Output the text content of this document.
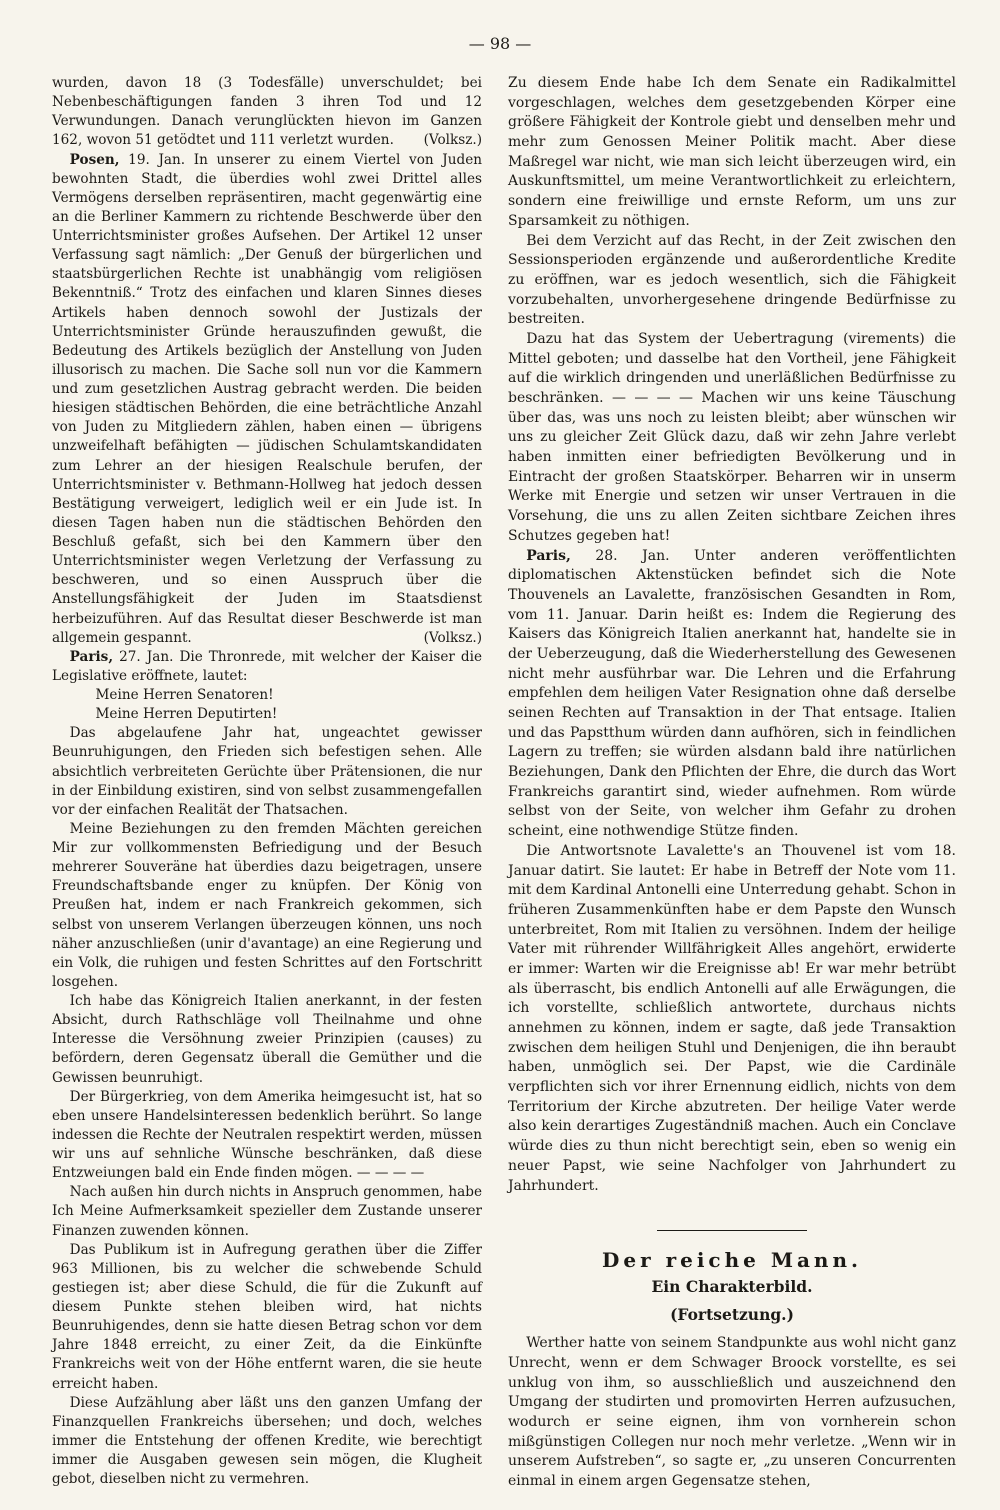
— 98 —

wurden, davon 18 (3 Todesfälle) unverschuldet; bei Nebenbeschäftigungen fanden 3 ihren Tod und 12 Verwundungen. Danach verunglückten hievon im Ganzen 162, wovon 51 getödtet und 111 verletzt wurden. (Volksz.)

Posen, 19. Jan. In unserer zu einem Viertel von Juden bewohnten Stadt, die überdies wohl zwei Drittel alles Vermögens derselben repräsentiren, macht gegenwärtig eine an die Berliner Kammern zu richtende Beschwerde über den Unterrichtsminister großes Aufsehen. Der Artikel 12 unser Verfassung sagt nämlich: „Der Genuß der bürgerlichen und staatsbürgerlichen Rechte ist unabhängig vom religiösen Bekenntniß.“ Trotz des einfachen und klaren Sinnes dieses Artikels haben dennoch sowohl der Justizals der Unterrichtsminister Gründe herauszufinden gewußt, die Bedeutung des Artikels bezüglich der Anstellung von Juden illusorisch zu machen. Die Sache soll nun vor die Kammern und zum gesetzlichen Austrag gebracht werden. Die beiden hiesigen städtischen Behörden, die eine beträchtliche Anzahl von Juden zu Mitgliedern zählen, haben einen — übrigens unzweifelhaft befähigten — jüdischen Schulamtskandidaten zum Lehrer an der hiesigen Realschule berufen, der Unterrichtsminister v. Bethmann-Hollweg hat jedoch dessen Bestätigung verweigert, lediglich weil er ein Jude ist. In diesen Tagen haben nun die städtischen Behörden den Beschluß gefaßt, sich bei den Kammern über den Unterrichtsminister wegen Verletzung der Verfassung zu beschweren, und so einen Ausspruch über die Anstellungsfähigkeit der Juden im Staatsdienst herbeizuführen. Auf das Resultat dieser Beschwerde ist man allgemein gespannt.	(Volksz.)

Paris, 27. Jan. Die Thronrede, mit welcher der Kaiser die Legislative eröffnete, lautet:

Meine Herren Senatoren!

Meine Herren Deputirten!

Das abgelaufene Jahr hat, ungeachtet gewisser Beunruhigungen, den Frieden sich befestigen sehen. Alle absichtlich verbreiteten Gerüchte über Prätensionen, die nur in der Einbildung existiren, sind von selbst zusammengefallen vor der einfachen Realität der Thatsachen.

Meine Beziehungen zu den fremden Mächten gereichen Mir zur vollkommensten Befriedigung und der Besuch mehrerer Souveräne hat überdies dazu beigetragen, unsere Freundschaftsbande enger zu knüpfen. Der König von Preußen hat, indem er nach Frankreich gekommen, sich selbst von unserem Verlangen überzeugen können, uns noch näher anzuschließen (unir d'avantage) an eine Regierung und ein Volk, die ruhigen und festen Schrittes auf den Fortschritt losgehen.

Ich habe das Königreich Italien anerkannt, in der festen Absicht, durch Rathschläge voll Theilnahme und ohne Interesse die Versöhnung zweier Prinzipien (causes) zu befördern, deren Gegensatz überall die Gemüther und die Gewissen beunruhigt.

Der Bürgerkrieg, von dem Amerika heimgesucht ist, hat so eben unsere Handelsinteressen bedenklich berührt. So lange indessen die Rechte der Neutralen respektirt werden, müssen wir uns auf sehnliche Wünsche beschränken, daß diese Entzweiungen bald ein Ende finden mögen. — — — —

Nach außen hin durch nichts in Anspruch genommen, habe Ich Meine Aufmerksamkeit spezieller dem Zustande unserer Finanzen zuwenden können.

Das Publikum ist in Aufregung gerathen über die Ziffer 963 Millionen, bis zu welcher die schwebende Schuld gestiegen ist; aber diese Schuld, die für die Zukunft auf diesem Punkte stehen bleiben wird, hat nichts Beunruhigendes, denn sie hatte diesen Betrag schon vor dem Jahre 1848 erreicht, zu einer Zeit, da die Einkünfte Frankreichs weit von der Höhe entfernt waren, die sie heute erreicht haben.

Diese Aufzählung aber läßt uns den ganzen Umfang der Finanzquellen Frankreichs übersehen; und doch, welches immer die Entstehung der offenen Kredite, wie berechtigt immer die Ausgaben gewesen sein mögen, die Klugheit gebot, dieselben nicht zu vermehren.

Zu diesem Ende habe Ich dem Senate ein Radikalmittel vorgeschlagen, welches dem gesetzgebenden Körper eine größere Fähigkeit der Kontrole giebt und denselben mehr und mehr zum Genossen Meiner Politik macht. Aber diese Maßregel war nicht, wie man sich leicht überzeugen wird, ein Auskunftsmittel, um meine Verantwortlichkeit zu erleichtern, sondern eine freiwillige und ernste Reform, um uns zur Sparsamkeit zu nöthigen.

Bei dem Verzicht auf das Recht, in der Zeit zwischen den Sessionsperioden ergänzende und außerordentliche Kredite zu eröffnen, war es jedoch wesentlich, sich die Fähigkeit vorzubehalten, unvorhergesehene dringende Bedürfnisse zu bestreiten.

Dazu hat das System der Uebertragung (virements) die Mittel geboten; und dasselbe hat den Vortheil, jene Fähigkeit auf die wirklich dringenden und unerläßlichen Bedürfnisse zu beschränken. — — — — Machen wir uns keine Täuschung über das, was uns noch zu leisten bleibt; aber wünschen wir uns zu gleicher Zeit Glück dazu, daß wir zehn Jahre verlebt haben inmitten einer befriedigten Bevölkerung und in Eintracht der großen Staatskörper. Beharren wir in unserm Werke mit Energie und setzen wir unser Vertrauen in die Vorsehung, die uns zu allen Zeiten sichtbare Zeichen ihres Schutzes gegeben hat!

Paris, 28. Jan. Unter anderen veröffentlichten diplomatischen Aktenstücken befindet sich die Note Thouvenels an Lavalette, französischen Gesandten in Rom, vom 11. Januar. Darin heißt es: Indem die Regierung des Kaisers das Königreich Italien anerkannt hat, handelte sie in der Ueberzeugung, daß die Wiederherstellung des Gewesenen nicht mehr ausführbar war. Die Lehren und die Erfahrung empfehlen dem heiligen Vater Resignation ohne daß derselbe seinen Rechten auf Transaktion in der That entsage. Italien und das Papstthum würden dann aufhören, sich in feindlichen Lagern zu treffen; sie würden alsdann bald ihre natürlichen Beziehungen, Dank den Pflichten der Ehre, die durch das Wort Frankreichs garantirt sind, wieder aufnehmen. Rom würde selbst von der Seite, von welcher ihm Gefahr zu drohen scheint, eine nothwendige Stütze finden.

Die Antwortsnote Lavalette's an Thouvenel ist vom 18. Januar datirt. Sie lautet: Er habe in Betreff der Note vom 11. mit dem Kardinal Antonelli eine Unterredung gehabt. Schon in früheren Zusammenkünften habe er dem Papste den Wunsch unterbreitet, Rom mit Italien zu versöhnen. Indem der heilige Vater mit rührender Willfährigkeit Alles angehört, erwiderte er immer: Warten wir die Ereignisse ab! Er war mehr betrübt als überrascht, bis endlich Antonelli auf alle Erwägungen, die ich vorstellte, schließlich antwortete, durchaus nichts annehmen zu können, indem er sagte, daß jede Transaktion zwischen dem heiligen Stuhl und Denjenigen, die ihn beraubt haben, unmöglich sei. Der Papst, wie die Cardinäle verpflichten sich vor ihrer Ernennung eidlich, nichts von dem Territorium der Kirche abzutreten. Der heilige Vater werde also kein derartiges Zugeständniß machen. Auch ein Conclave würde dies zu thun nicht berechtigt sein, eben so wenig ein neuer Papst, wie seine Nachfolger von Jahrhundert zu Jahrhundert.

Der reiche Mann.
Ein Charakterbild.
(Fortsetzung.)

Werther hatte von seinem Standpunkte aus wohl nicht ganz Unrecht, wenn er dem Schwager Broock vorstellte, es sei unklug von ihm, so ausschließlich und auszeichnend den Umgang der studirten und promovirten Herren aufzusuchen, wodurch er seine eignen, ihm von vornherein schon mißgünstigen Collegen nur noch mehr verletze. „Wenn wir in unserem Aufstreben“, so sagte er, „zu unseren Concurrenten einmal in einem argen Gegensatze stehen,
